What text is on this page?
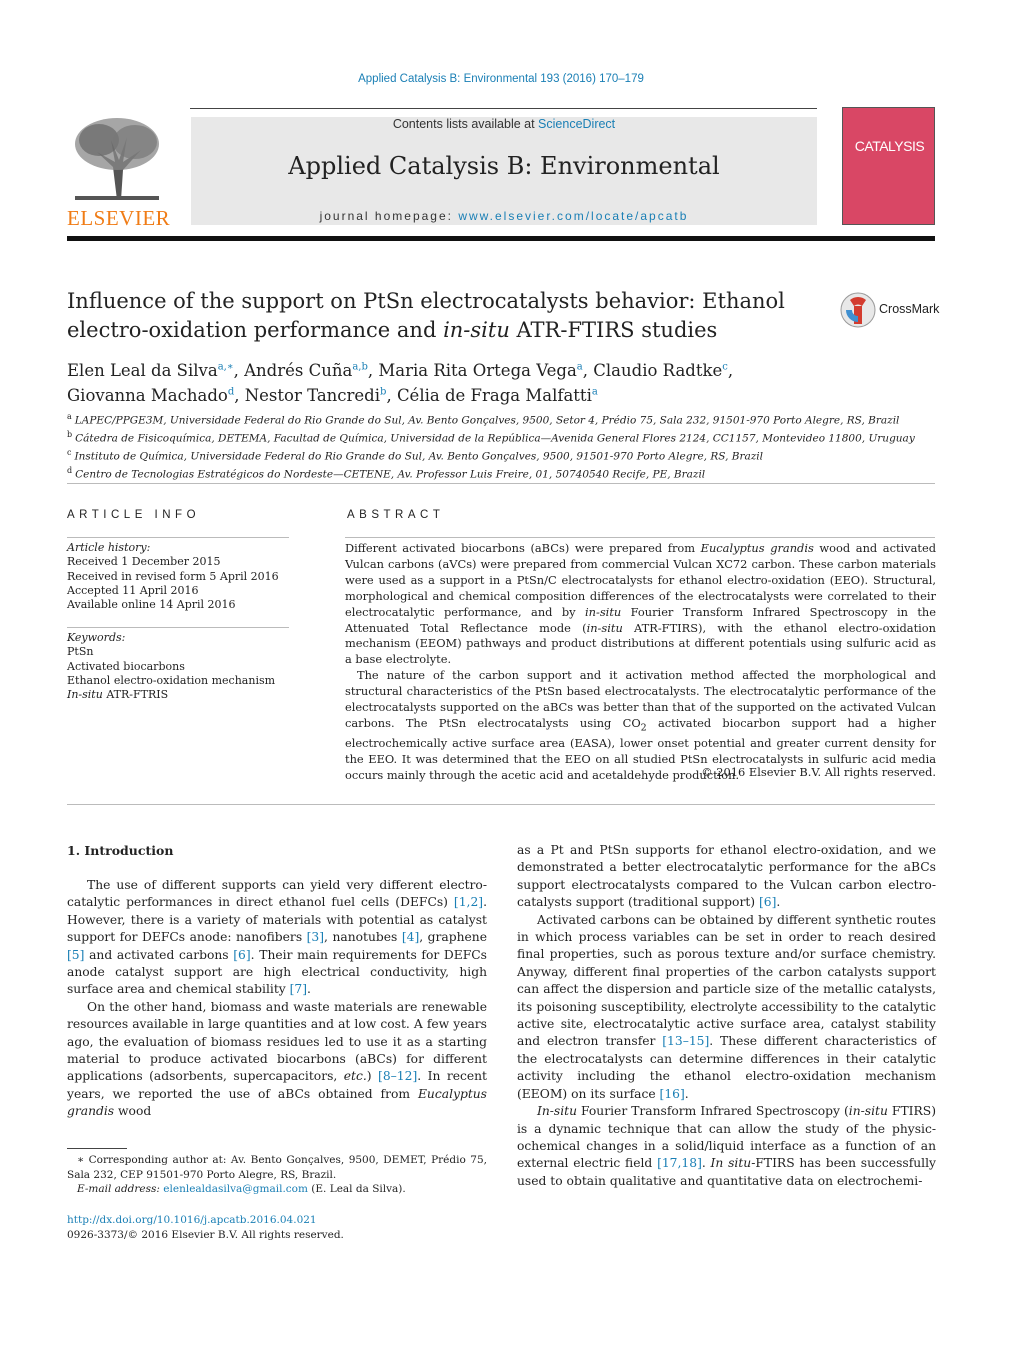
Applied Catalysis B: Environmental 193 (2016) 170–179
ELSEVIER
Contents lists available at ScienceDirect
Applied Catalysis B: Environmental
journal homepage: www.elsevier.com/locate/apcatb
CATALYSIS
Influence of the support on PtSn electrocatalysts behavior: Ethanol electro-oxidation performance and in-situ ATR-FTIRS studies
CrossMark
Elen Leal da Silva$^{a,∗}$, Andrés Cuña$^{a,b}$, Maria Rita Ortega Vega$^a$, Claudio Radtke$^c$,
Giovanna Machado$^d$, Nestor Tancredi$^b$, Célia de Fraga Malfatti$^a$
$^a$ LAPEC/PPGE3M, Universidade Federal do Rio Grande do Sul, Av. Bento Gonçalves, 9500, Setor 4, Prédio 75, Sala 232, 91501-970 Porto Alegre, RS, Brazil
$^b$ Cátedra de Fisicoquímica, DETEMA, Facultad de Química, Universidad de la República—Avenida General Flores 2124, CC1157, Montevideo 11800, Uruguay
$^c$ Instituto de Química, Universidade Federal do Rio Grande do Sul, Av. Bento Gonçalves, 9500, 91501-970 Porto Alegre, RS, Brazil
$^d$ Centro de Tecnologias Estratégicos do Nordeste—CETENE, Av. Professor Luis Freire, 01, 50740540 Recife, PE, Brazil
ARTICLE INFO
Article history:
Received 1 December 2015
Received in revised form 5 April 2016
Accepted 11 April 2016
Available online 14 April 2016
Keywords:
PtSn
Activated biocarbons
Ethanol electro-oxidation mechanism
In-situ ATR-FTRIS
ABSTRACT

Different activated biocarbons (aBCs) were prepared from Eucalyptus grandis wood and activated Vulcan carbons (aVCs) were prepared from commercial Vulcan XC72 carbon. These carbon materials were used as a support in a PtSn/C electrocatalysts for ethanol electro-oxidation (EEO). Structural, morphological and chemical composition differences of the electrocatalysts were correlated to their electrocatalytic performance, and by in-situ Fourier Transform Infrared Spectroscopy in the Attenuated Total Reflectance mode (in-situ ATR-FTIRS), with the ethanol electro-oxidation mechanism (EEOM) pathways and product distributions at different potentials using sulfuric acid as a base electrolyte.

The nature of the carbon support and it activation method affected the morphological and structural characteristics of the PtSn based electrocatalysts. The electrocatalytic performance of the electrocatalysts supported on the aBCs was better than that of the supported on the activated Vulcan carbons. The PtSn electrocatalysts using $CO_2$ activated biocarbon support had a higher electrochemically active surface area (EASA), lower onset potential and greater current density for the EEO. It was determined that the EEO on all studied PtSn electrocatalysts in sulfuric acid media occurs mainly through the acetic acid and acetaldehyde production.

© 2016 Elsevier B.V. All rights reserved.
1. Introduction

The use of different supports can yield very different electro-catalytic performances in direct ethanol fuel cells (DEFCs) [1,2]. However, there is a variety of materials with potential as catalyst support for DEFCs anode: nanofibers [3], nanotubes [4], graphene [5] and activated carbons [6]. Their main requirements for DEFCs anode catalyst support are high electrical conductivity, high surface area and chemical stability [7].

On the other hand, biomass and waste materials are renewable resources available in large quantities and at low cost. A few years ago, the evaluation of biomass residues led to use it as a starting material to produce activated biocarbons (aBCs) for different applications (adsorbents, supercapacitors, etc.) [8–12]. In recent years, we reported the use of aBCs obtained from Eucalyptus grandis wood

as a Pt and PtSn supports for ethanol electro-oxidation, and we demonstrated a better electrocatalytic performance for the aBCs support electrocatalysts compared to the Vulcan carbon electro-catalysts support (traditional support) [6].

Activated carbons can be obtained by different synthetic routes in which process variables can be set in order to reach desired final properties, such as porous texture and/or surface chemistry. Anyway, different final properties of the carbon catalysts support can affect the dispersion and particle size of the metallic catalysts, its poisoning susceptibility, electrolyte accessibility to the catalytic active site, electrocatalytic active surface area, catalyst stability and electron transfer [13–15]. These different characteristics of the electrocatalysts can determine differences in their catalytic activity including the ethanol electro-oxidation mechanism (EEOM) on its surface [16].

In-situ Fourier Transform Infrared Spectroscopy (in-situ FTIRS) is a dynamic technique that can allow the study of the physic-ochemical changes in a solid/liquid interface as a function of an external electric field [17,18]. In situ-FTIRS has been successfully used to obtain qualitative and quantitative data on electrochemi-

∗ Corresponding author at: Av. Bento Gonçalves, 9500, DEMET, Prédio 75, Sala 232, CEP 91501-970 Porto Alegre, RS, Brazil.

E-mail address: elenlealdasilva@gmail.com (E. Leal da Silva).

http://dx.doi.org/10.1016/j.apcatb.2016.04.021
0926-3373/© 2016 Elsevier B.V. All rights reserved.
